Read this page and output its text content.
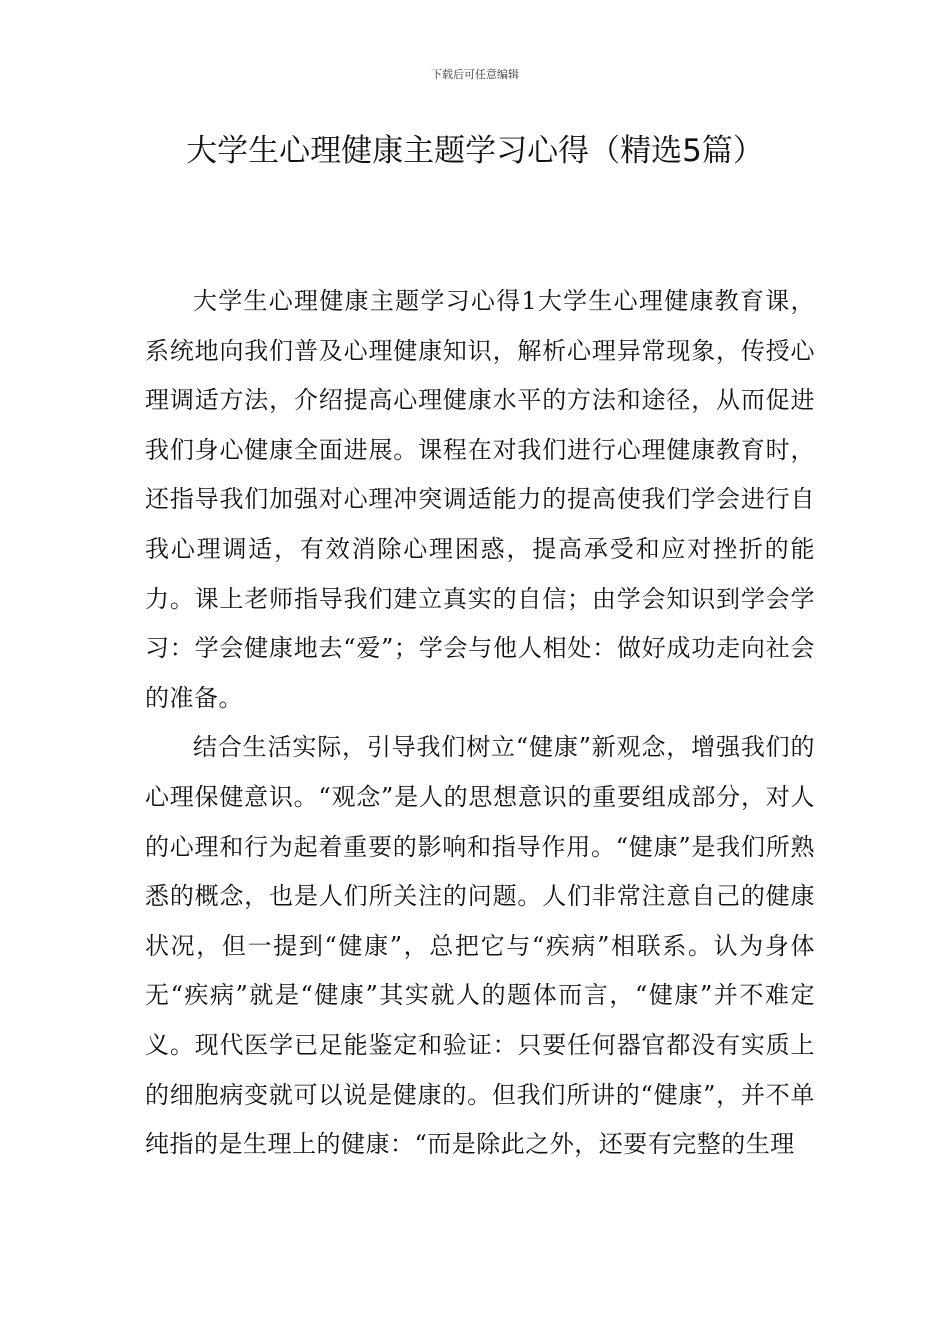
下载后可任意编辑
大学生心理健康主题学习心得（精选5篇）

大学生心理健康主题学习心得1大学生心理健康教育课，系统地向我们普及心理健康知识，解析心理异常现象，传授心理调适方法，介绍提高心理健康水平的方法和途径，从而促进我们身心健康全面进展。课程在对我们进行心理健康教育时，还指导我们加强对心理冲突调适能力的提高使我们学会进行自我心理调适，有效消除心理困惑，提高承受和应对挫折的能力。课上老师指导我们建立真实的自信；由学会知识到学会学习：学会健康地去“爱”；学会与他人相处：做好成功走向社会的准备。

结合生活实际，引导我们树立“健康”新观念，增强我们的心理保健意识。“观念”是人的思想意识的重要组成部分，对人的心理和行为起着重要的影响和指导作用。“健康”是我们所熟悉的概念，也是人们所关注的问题。人们非常注意自己的健康状况，但一提到“健康”，总把它与“疾病”相联系。认为身体无“疾病”就是“健康”其实就人的题体而言，“健康”并不难定义。现代医学已足能鉴定和验证：只要任何器官都没有实质上的细胞病变就可以说是健康的。但我们所讲的“健康”，并不单纯指的是生理上的健康：“而是除此之外，还要有完整的生理
